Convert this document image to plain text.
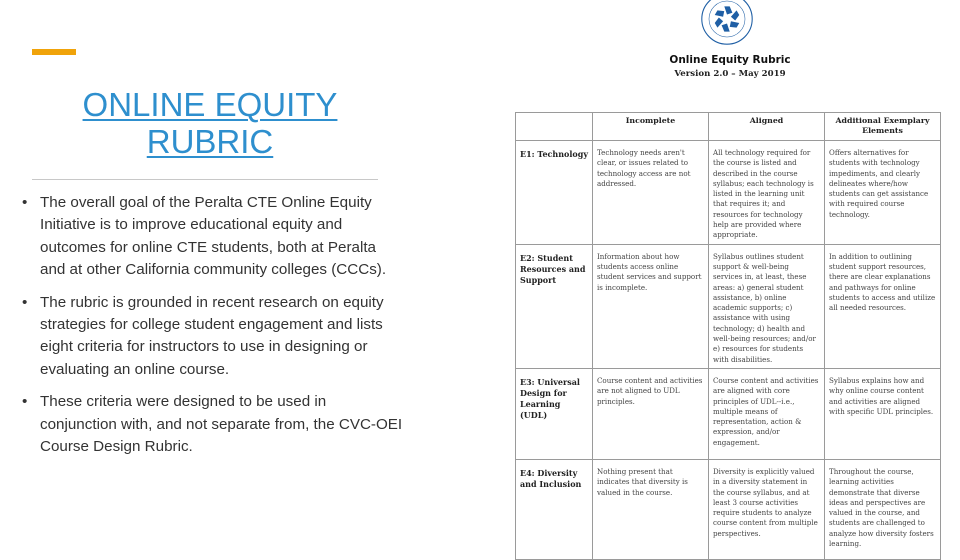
ONLINE EQUITY
RUBRIC
• The overall goal of the Peralta CTE Online Equity Initiative is to improve educational equity and outcomes for online CTE students, both at Peralta and at other California community colleges (CCCs).
• The rubric is grounded in recent research on equity strategies for college student engagement and lists eight criteria for instructors to use in designing or evaluating an online course.
• These criteria were designed to be used in conjunction with, and not separate from, the CVC-OEI Course Design Rubric.
Online Equity Rubric
Version 2.0 – May 2019
	Incomplete	Aligned	Additional Exemplary Elements
E1: Technology	Technology needs aren't clear, or issues related to technology access are not addressed.	All technology required for the course is listed and described in the course syllabus; each technology is listed in the learning unit that requires it; and resources for technology help are provided where appropriate.	Offers alternatives for students with technology impediments, and clearly delineates where/how students can get assistance with required course technology.
E2: Student Resources and Support	Information about how students access online student services and support is incomplete.	Syllabus outlines student support & well-being services in, at least, these areas: a) general student assistance, b) online academic supports; c) assistance with using technology; d) health and well-being resources; and/or e) resources for students with disabilities.	In addition to outlining student support resources, there are clear explanations and pathways for online students to access and utilize all needed resources.
E3: Universal Design for Learning (UDL)	Course content and activities are not aligned to UDL principles.	Course content and activities are aligned with core principles of UDL--i.e., multiple means of representation, action & expression, and/or engagement.	Syllabus explains how and why online course content and activities are aligned with specific UDL principles.
E4: Diversity and Inclusion	Nothing present that indicates that diversity is valued in the course.	Diversity is explicitly valued in a diversity statement in the course syllabus, and at least 3 course activities require students to analyze course content from multiple perspectives.	Throughout the course, learning activities demonstrate that diverse ideas and perspectives are valued in the course, and students are challenged to analyze how diversity fosters learning.
